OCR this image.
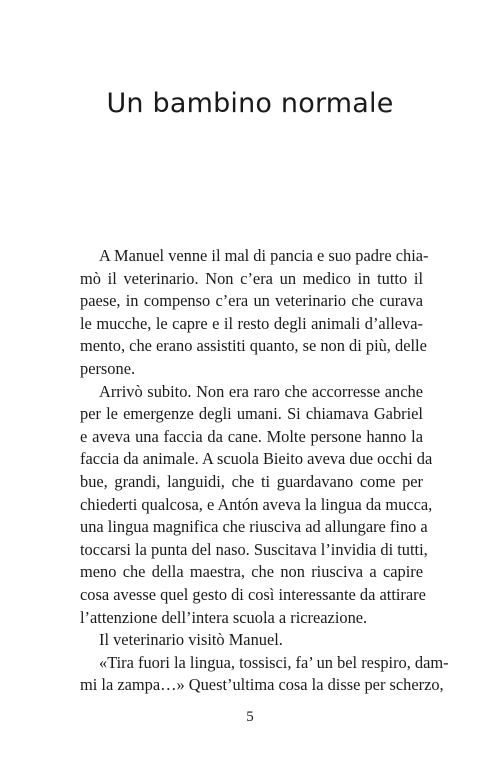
Un bambino normale
A Manuel venne il mal di pancia e suo padre chia-
mò il veterinario. Non c’era un medico in tutto il
paese, in compenso c’era un veterinario che curava
le mucche, le capre e il resto degli animali d’alleva-
mento, che erano assistiti quanto, se non di più, delle
persone.
Arrivò subito. Non era raro che accorresse anche
per le emergenze degli umani. Si chiamava Gabriel
e aveva una faccia da cane. Molte persone hanno la
faccia da animale. A scuola Bieito aveva due occhi da
bue, grandi, languidi, che ti guardavano come per
chiederti qualcosa, e Antón aveva la lingua da mucca,
una lingua magnifica che riusciva ad allungare fino a
toccarsi la punta del naso. Suscitava l’invidia di tutti,
meno che della maestra, che non riusciva a capire
cosa avesse quel gesto di così interessante da attirare
l’attenzione dell’intera scuola a ricreazione.
Il veterinario visitò Manuel.
«Tira fuori la lingua, tossisci, fa’ un bel respiro, dam-
mi la zampa…» Quest’ultima cosa la disse per scherzo,
5
